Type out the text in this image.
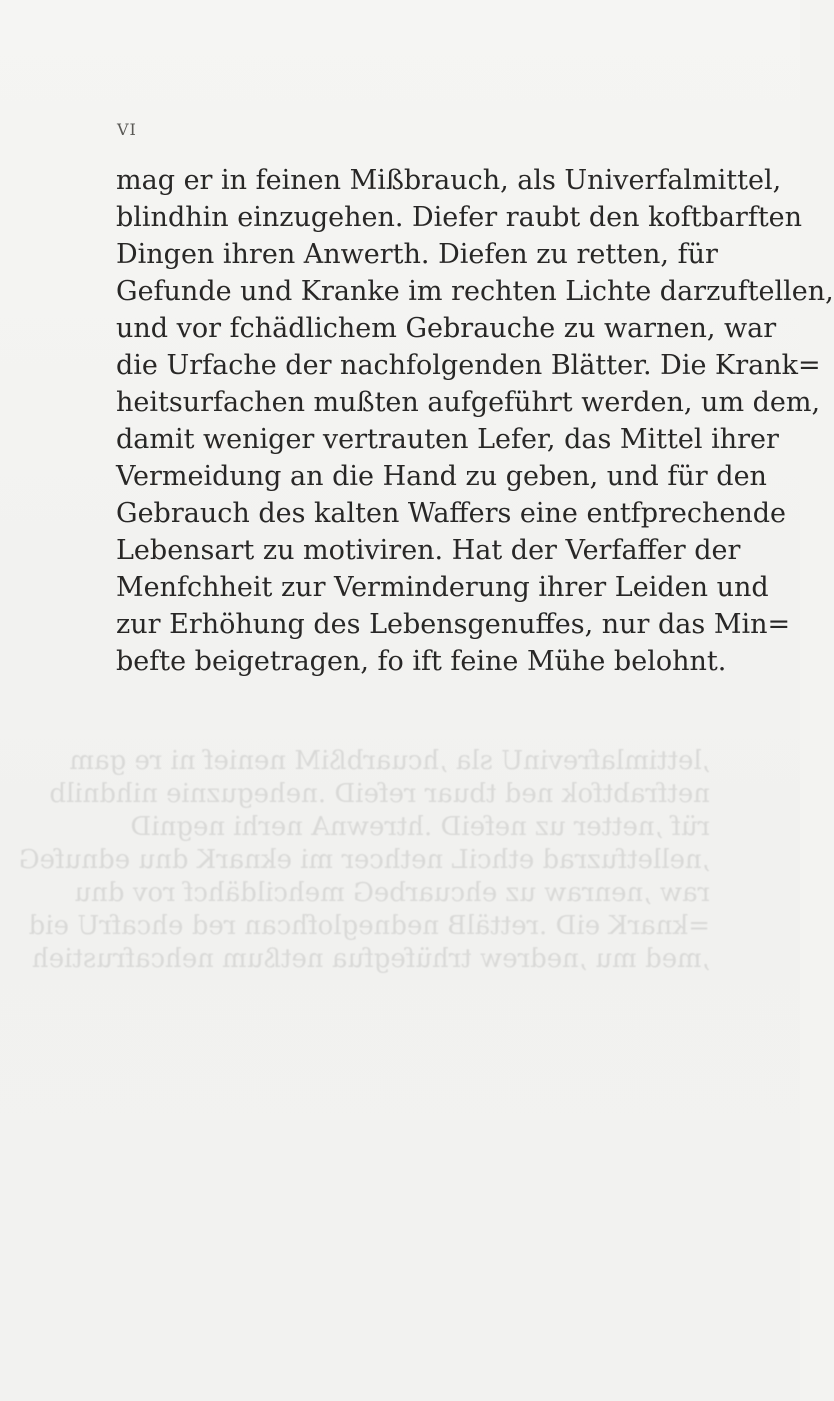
VI
mag er in feinen Mißbrauch, als Univerfalmittel,
blindhin einzugehen. Diefer raubt den koftbarften
Dingen ihren Anwerth. Diefen zu retten, für
Gefunde und Kranke im rechten Lichte darzuftellen,
und vor fchädlichem Gebrauche zu warnen, war
die Urfache der nachfolgenden Blätter. Die Krank=
heitsurfachen mußten aufgeführt werden, um dem,
damit weniger vertrauten Lefer, das Mittel ihrer
Vermeidung an die Hand zu geben, und für den
Gebrauch des kalten Waffers eine entfprechende
Lebensart zu motiviren. Hat der Verfaffer der
Menfchheit zur Verminderung ihrer Leiden und
zur Erhöhung des Lebensgenuffes, nur das Min=
befte beigetragen, fo ift feine Mühe belohnt.
,lettimlafrevinU sla ,hcuarbßiM nenief ni re gam
netfrabtfok ned tbuar refeiD .neheguznie nihdnilb
rüf ,netter uz nefeiD .htrewnA nerhi negniD
,nelletfuzrad ethciL nethcer mi eknarK dnu ednufeG
raw ,nenraw uz ehcuarbeG mehcildähcf rov dnu
=knarK eiD .rettälB nedneglofhcan red ehcafrU eid
,med mu ,nedrew trhüfegfua netßum nehcafrustieh
